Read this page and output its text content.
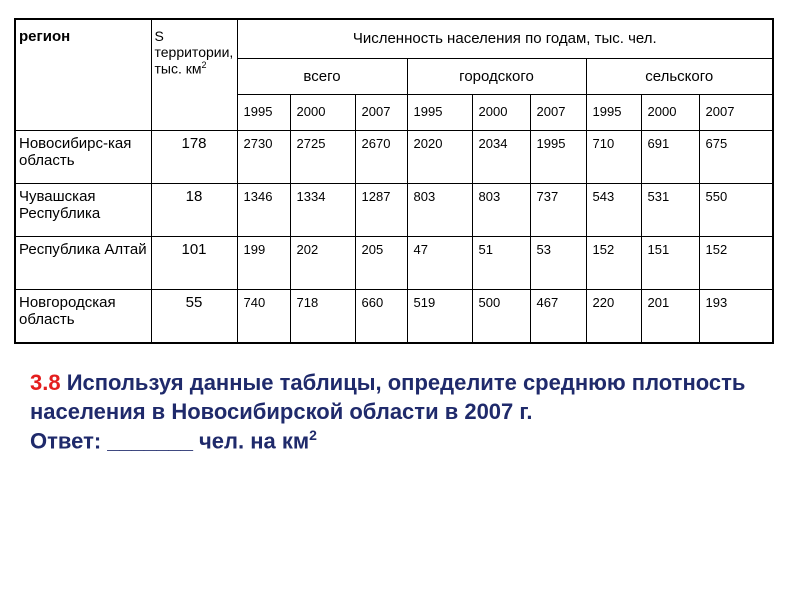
регион	S территории, тыс. $км^2$	Численность населения по годам, тыс. чел.								
		всего			городского			сельского		
		1995	2000	2007	1995	2000	2007	1995	2000	2007
Новосибирс-кая область	178	2730	2725	2670	2020	2034	1995	710	691	675
Чувашская Республика	18	1346	1334	1287	803	803	737	543	531	550
Республика Алтай	101	199	202	205	47	51	53	152	151	152
Новгородская область	55	740	718	660	519	500	467	220	201	193
3.8 Используя данные таблицы, определите среднюю плотность населения в Новосибирской области в 2007 г.
Ответ: _______ чел. на $км^2$
